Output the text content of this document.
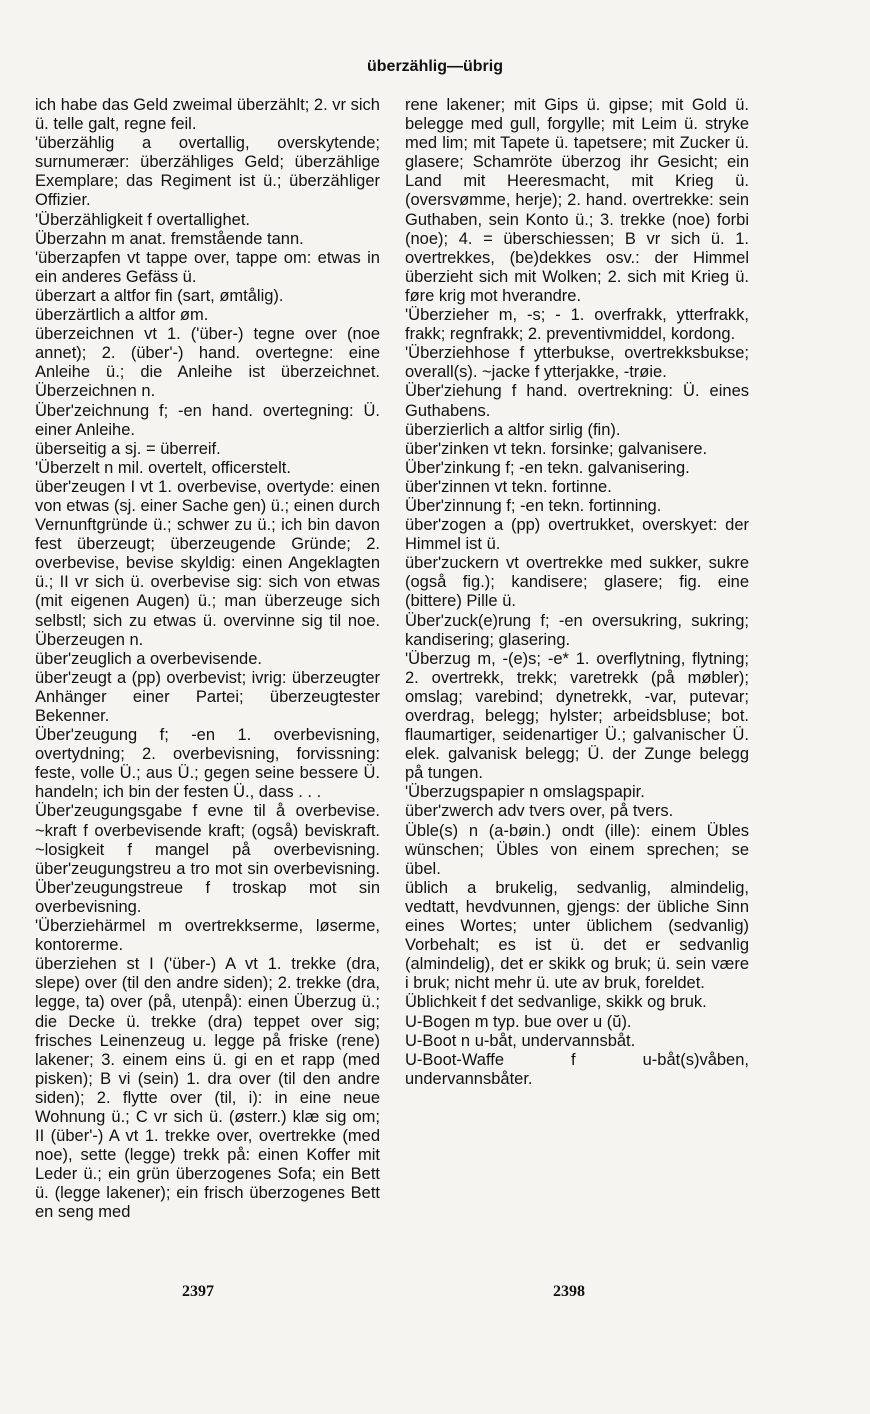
überzählig—übrig

ich habe das Geld zweimal überzählt; 2. vr sich ü. telle galt, regne feil.

'überzählig a overtallig, overskytende; surnumerær: überzähliges Geld; überzählige Exemplare; das Regiment ist ü.; überzähliger Offizier.

'Überzähligkeit f overtallighet.

Überzahn m anat. fremstående tann.

'überzapfen vt tappe over, tappe om: etwas in ein anderes Gefäss ü.

überzart a altfor fin (sart, ømtålig).

überzärtlich a altfor øm.

überzeichnen vt 1. ('über-) tegne over (noe annet); 2. (über'-) hand. overtegne: eine Anleihe ü.; die Anleihe ist überzeichnet. Überzeichnen n.

Über'zeichnung f; -en hand. overtegning: Ü. einer Anleihe.

überseitig a sj. = überreif.

'Überzelt n mil. overtelt, officerstelt.

über'zeugen I vt 1. overbevise, overtyde: einen von etwas (sj. einer Sache gen) ü.; einen durch Vernunftgründe ü.; schwer zu ü.; ich bin davon fest überzeugt; überzeugende Gründe; 2. overbevise, bevise skyldig: einen Angeklagten ü.; II vr sich ü. overbevise sig: sich von etwas (mit eigenen Augen) ü.; man überzeuge sich selbstl; sich zu etwas ü. overvinne sig til noe. Überzeugen n.

über'zeuglich a overbevisende.

über'zeugt a (pp) overbevist; ivrig: überzeugter Anhänger einer Partei; überzeugtester Bekenner.

Über'zeugung f; -en 1. overbevisning, overtydning; 2. overbevisning, forvissning: feste, volle Ü.; aus Ü.; gegen seine bessere Ü. handeln; ich bin der festen Ü., dass . . .

Über'zeugungsgabe f evne til å overbevise. ~kraft f overbevisende kraft; (også) beviskraft. ~losigkeit f mangel på overbevisning. über'zeugungstreu a tro mot sin overbevisning. Über'zeugungstreue f troskap mot sin overbevisning.

'Überziehärmel m overtrekkserme, løserme, kontorerme.

überziehen st I ('über-) A vt 1. trekke (dra, slepe) over (til den andre siden); 2. trekke (dra, legge, ta) over (på, utenpå): einen Überzug ü.; die Decke ü. trekke (dra) teppet over sig; frisches Leinenzeug u. legge på friske (rene) lakener; 3. einem eins ü. gi en et rapp (med pisken); B vi (sein) 1. dra over (til den andre siden); 2. flytte over (til, i): in eine neue Wohnung ü.; C vr sich ü. (østerr.) klæ sig om; II (über'-) A vt 1. trekke over, overtrekke (med noe), sette (legge) trekk på: einen Koffer mit Leder ü.; ein grün überzogenes Sofa; ein Bett ü. (legge lakener); ein frisch überzogenes Bett en seng med

rene lakener; mit Gips ü. gipse; mit Gold ü. belegge med gull, forgylle; mit Leim ü. stryke med lim; mit Tapete ü. tapetsere; mit Zucker ü. glasere; Schamröte überzog ihr Gesicht; ein Land mit Heeresmacht, mit Krieg ü. (oversvømme, herje); 2. hand. overtrekke: sein Guthaben, sein Konto ü.; 3. trekke (noe) forbi (noe); 4. = überschiessen; B vr sich ü. 1. overtrekkes, (be)dekkes osv.: der Himmel überzieht sich mit Wolken; 2. sich mit Krieg ü. føre krig mot hverandre.

'Überzieher m, -s; - 1. overfrakk, ytterfrakk, frakk; regnfrakk; 2. preventivmiddel, kordong.

'Überziehhose f ytterbukse, overtrekksbukse; overall(s). ~jacke f ytterjakke, -trøie.

Über'ziehung f hand. overtrekning: Ü. eines Guthabens.

überzierlich a altfor sirlig (fin).

über'zinken vt tekn. forsinke; galvanisere.

Über'zinkung f; -en tekn. galvanisering.

über'zinnen vt tekn. fortinne.

Über'zinnung f; -en tekn. fortinning.

über'zogen a (pp) overtrukket, overskyet: der Himmel ist ü.

über'zuckern vt overtrekke med sukker, sukre (også fig.); kandisere; glasere; fig. eine (bittere) Pille ü.

Über'zuck(e)rung f; -en oversukring, sukring; kandisering; glasering.

'Überzug m, -(e)s; -e* 1. overflytning, flytning; 2. overtrekk, trekk; varetrekk (på møbler); omslag; varebind; dynetrekk, -var, putevar; overdrag, belegg; hylster; arbeidsbluse; bot. flaumartiger, seidenartiger Ü.; galvanischer Ü. elek. galvanisk belegg; Ü. der Zunge belegg på tungen.

'Überzugspapier n omslagspapir.

über'zwerch adv tvers over, på tvers.

Üble(s) n (a-bøin.) ondt (ille): einem Übles wünschen; Übles von einem sprechen; se übel.

üblich a brukelig, sedvanlig, almindelig, vedtatt, hevdvunnen, gjengs: der übliche Sinn eines Wortes; unter üblichem (sedvanlig) Vorbehalt; es ist ü. det er sedvanlig (almindelig), det er skikk og bruk; ü. sein være i bruk; nicht mehr ü. ute av bruk, foreldet.

Üblichkeit f det sedvanlige, skikk og bruk.

U-Bogen m typ. bue over u (ŭ).

U-Boot n u-båt, undervannsbåt.

U-Boot-Waffe f u-båt(s)våben, undervannsbåter.

2397	2398
